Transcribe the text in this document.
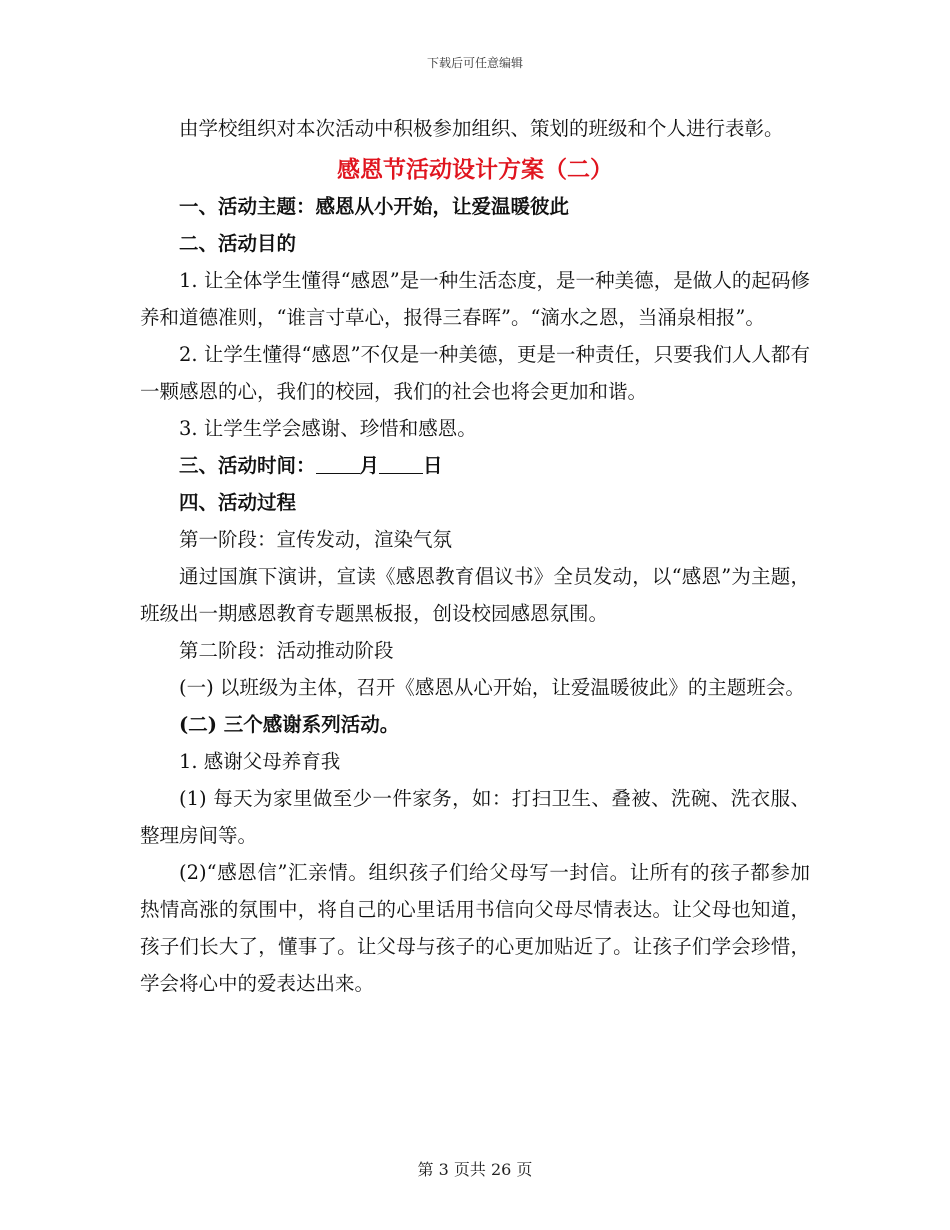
下载后可任意编辑

由学校组织对本次活动中积极参加组织、策划的班级和个人进行表彰。

感恩节活动设计方案（二）

一、活动主题：感恩从小开始，让爱温暖彼此

二、活动目的

1. 让全体学生懂得“感恩”是一种生活态度，是一种美德，是做人的起码修养和道德准则，“谁言寸草心，报得三春晖”。“滴水之恩，当涌泉相报”。

2. 让学生懂得“感恩”不仅是一种美德，更是一种责任，只要我们人人都有一颗感恩的心，我们的校园，我们的社会也将会更加和谐。

3. 让学生学会感谢、珍惜和感恩。

三、活动时间： 月 日

四、活动过程

第一阶段：宣传发动，渲染气氛

通过国旗下演讲，宣读《感恩教育倡议书》全员发动，以“感恩”为主题，班级出一期感恩教育专题黑板报，创设校园感恩氛围。

第二阶段：活动推动阶段

(一) 以班级为主体，召开《感恩从心开始，让爱温暖彼此》的主题班会。

(二) 三个感谢系列活动。

1. 感谢父母养育我

(1) 每天为家里做至少一件家务，如：打扫卫生、叠被、洗碗、洗衣服、整理房间等。

(2)“感恩信”汇亲情。组织孩子们给父母写一封信。让所有的孩子都参加热情高涨的氛围中，将自己的心里话用书信向父母尽情表达。让父母也知道，孩子们长大了，懂事了。让父母与孩子的心更加贴近了。让孩子们学会珍惜，学会将心中的爱表达出来。

第 3 页共 26 页
